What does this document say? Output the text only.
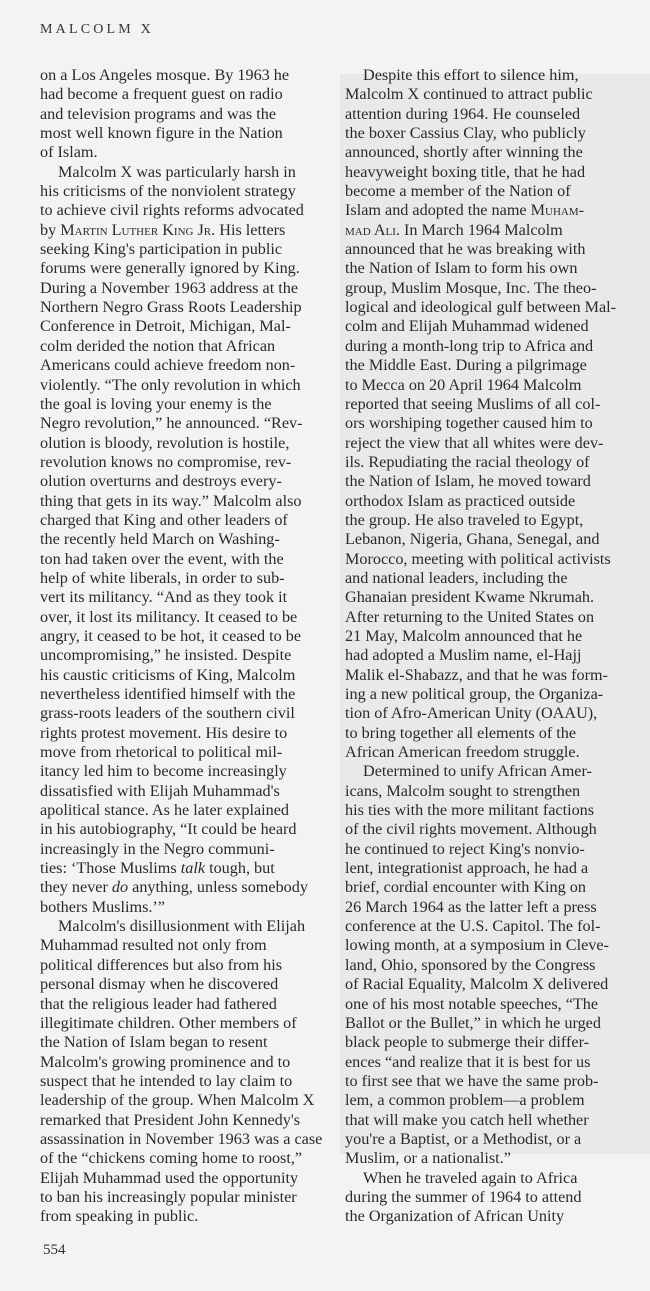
MALCOLM X
on a Los Angeles mosque. By 1963 he
had become a frequent guest on radio
and television programs and was the
most well known figure in the Nation
of Islam.
Malcolm X was particularly harsh in
his criticisms of the nonviolent strategy
to achieve civil rights reforms advocated
by Martin Luther King Jr. His letters
seeking King's participation in public
forums were generally ignored by King.
During a November 1963 address at the
Northern Negro Grass Roots Leadership
Conference in Detroit, Michigan, Mal-
colm derided the notion that African
Americans could achieve freedom non-
violently. “The only revolution in which
the goal is loving your enemy is the
Negro revolution,” he announced. “Rev-
olution is bloody, revolution is hostile,
revolution knows no compromise, rev-
olution overturns and destroys every-
thing that gets in its way.” Malcolm also
charged that King and other leaders of
the recently held March on Washing-
ton had taken over the event, with the
help of white liberals, in order to sub-
vert its militancy. “And as they took it
over, it lost its militancy. It ceased to be
angry, it ceased to be hot, it ceased to be
uncompromising,” he insisted. Despite
his caustic criticisms of King, Malcolm
nevertheless identified himself with the
grass-roots leaders of the southern civil
rights protest movement. His desire to
move from rhetorical to political mil-
itancy led him to become increasingly
dissatisfied with Elijah Muhammad's
apolitical stance. As he later explained
in his autobiography, “It could be heard
increasingly in the Negro communi-
ties: ‘Those Muslims talk tough, but
they never do anything, unless somebody
bothers Muslims.’”
Malcolm's disillusionment with Elijah
Muhammad resulted not only from
political differences but also from his
personal dismay when he discovered
that the religious leader had fathered
illegitimate children. Other members of
the Nation of Islam began to resent
Malcolm's growing prominence and to
suspect that he intended to lay claim to
leadership of the group. When Malcolm X
remarked that President John Kennedy's
assassination in November 1963 was a case
of the “chickens coming home to roost,”
Elijah Muhammad used the opportunity
to ban his increasingly popular minister
from speaking in public.
Despite this effort to silence him,
Malcolm X continued to attract public
attention during 1964. He counseled
the boxer Cassius Clay, who publicly
announced, shortly after winning the
heavyweight boxing title, that he had
become a member of the Nation of
Islam and adopted the name Muham-
mad Ali. In March 1964 Malcolm
announced that he was breaking with
the Nation of Islam to form his own
group, Muslim Mosque, Inc. The theo-
logical and ideological gulf between Mal-
colm and Elijah Muhammad widened
during a month-long trip to Africa and
the Middle East. During a pilgrimage
to Mecca on 20 April 1964 Malcolm
reported that seeing Muslims of all col-
ors worshiping together caused him to
reject the view that all whites were dev-
ils. Repudiating the racial theology of
the Nation of Islam, he moved toward
orthodox Islam as practiced outside
the group. He also traveled to Egypt,
Lebanon, Nigeria, Ghana, Senegal, and
Morocco, meeting with political activists
and national leaders, including the
Ghanaian president Kwame Nkrumah.
After returning to the United States on
21 May, Malcolm announced that he
had adopted a Muslim name, el-Hajj
Malik el-Shabazz, and that he was form-
ing a new political group, the Organiza-
tion of Afro-American Unity (OAAU),
to bring together all elements of the
African American freedom struggle.
Determined to unify African Amer-
icans, Malcolm sought to strengthen
his ties with the more militant factions
of the civil rights movement. Although
he continued to reject King's nonvio-
lent, integrationist approach, he had a
brief, cordial encounter with King on
26 March 1964 as the latter left a press
conference at the U.S. Capitol. The fol-
lowing month, at a symposium in Cleve-
land, Ohio, sponsored by the Congress
of Racial Equality, Malcolm X delivered
one of his most notable speeches, “The
Ballot or the Bullet,” in which he urged
black people to submerge their differ-
ences “and realize that it is best for us
to first see that we have the same prob-
lem, a common problem—a problem
that will make you catch hell whether
you're a Baptist, or a Methodist, or a
Muslim, or a nationalist.”
When he traveled again to Africa
during the summer of 1964 to attend
the Organization of African Unity
554
